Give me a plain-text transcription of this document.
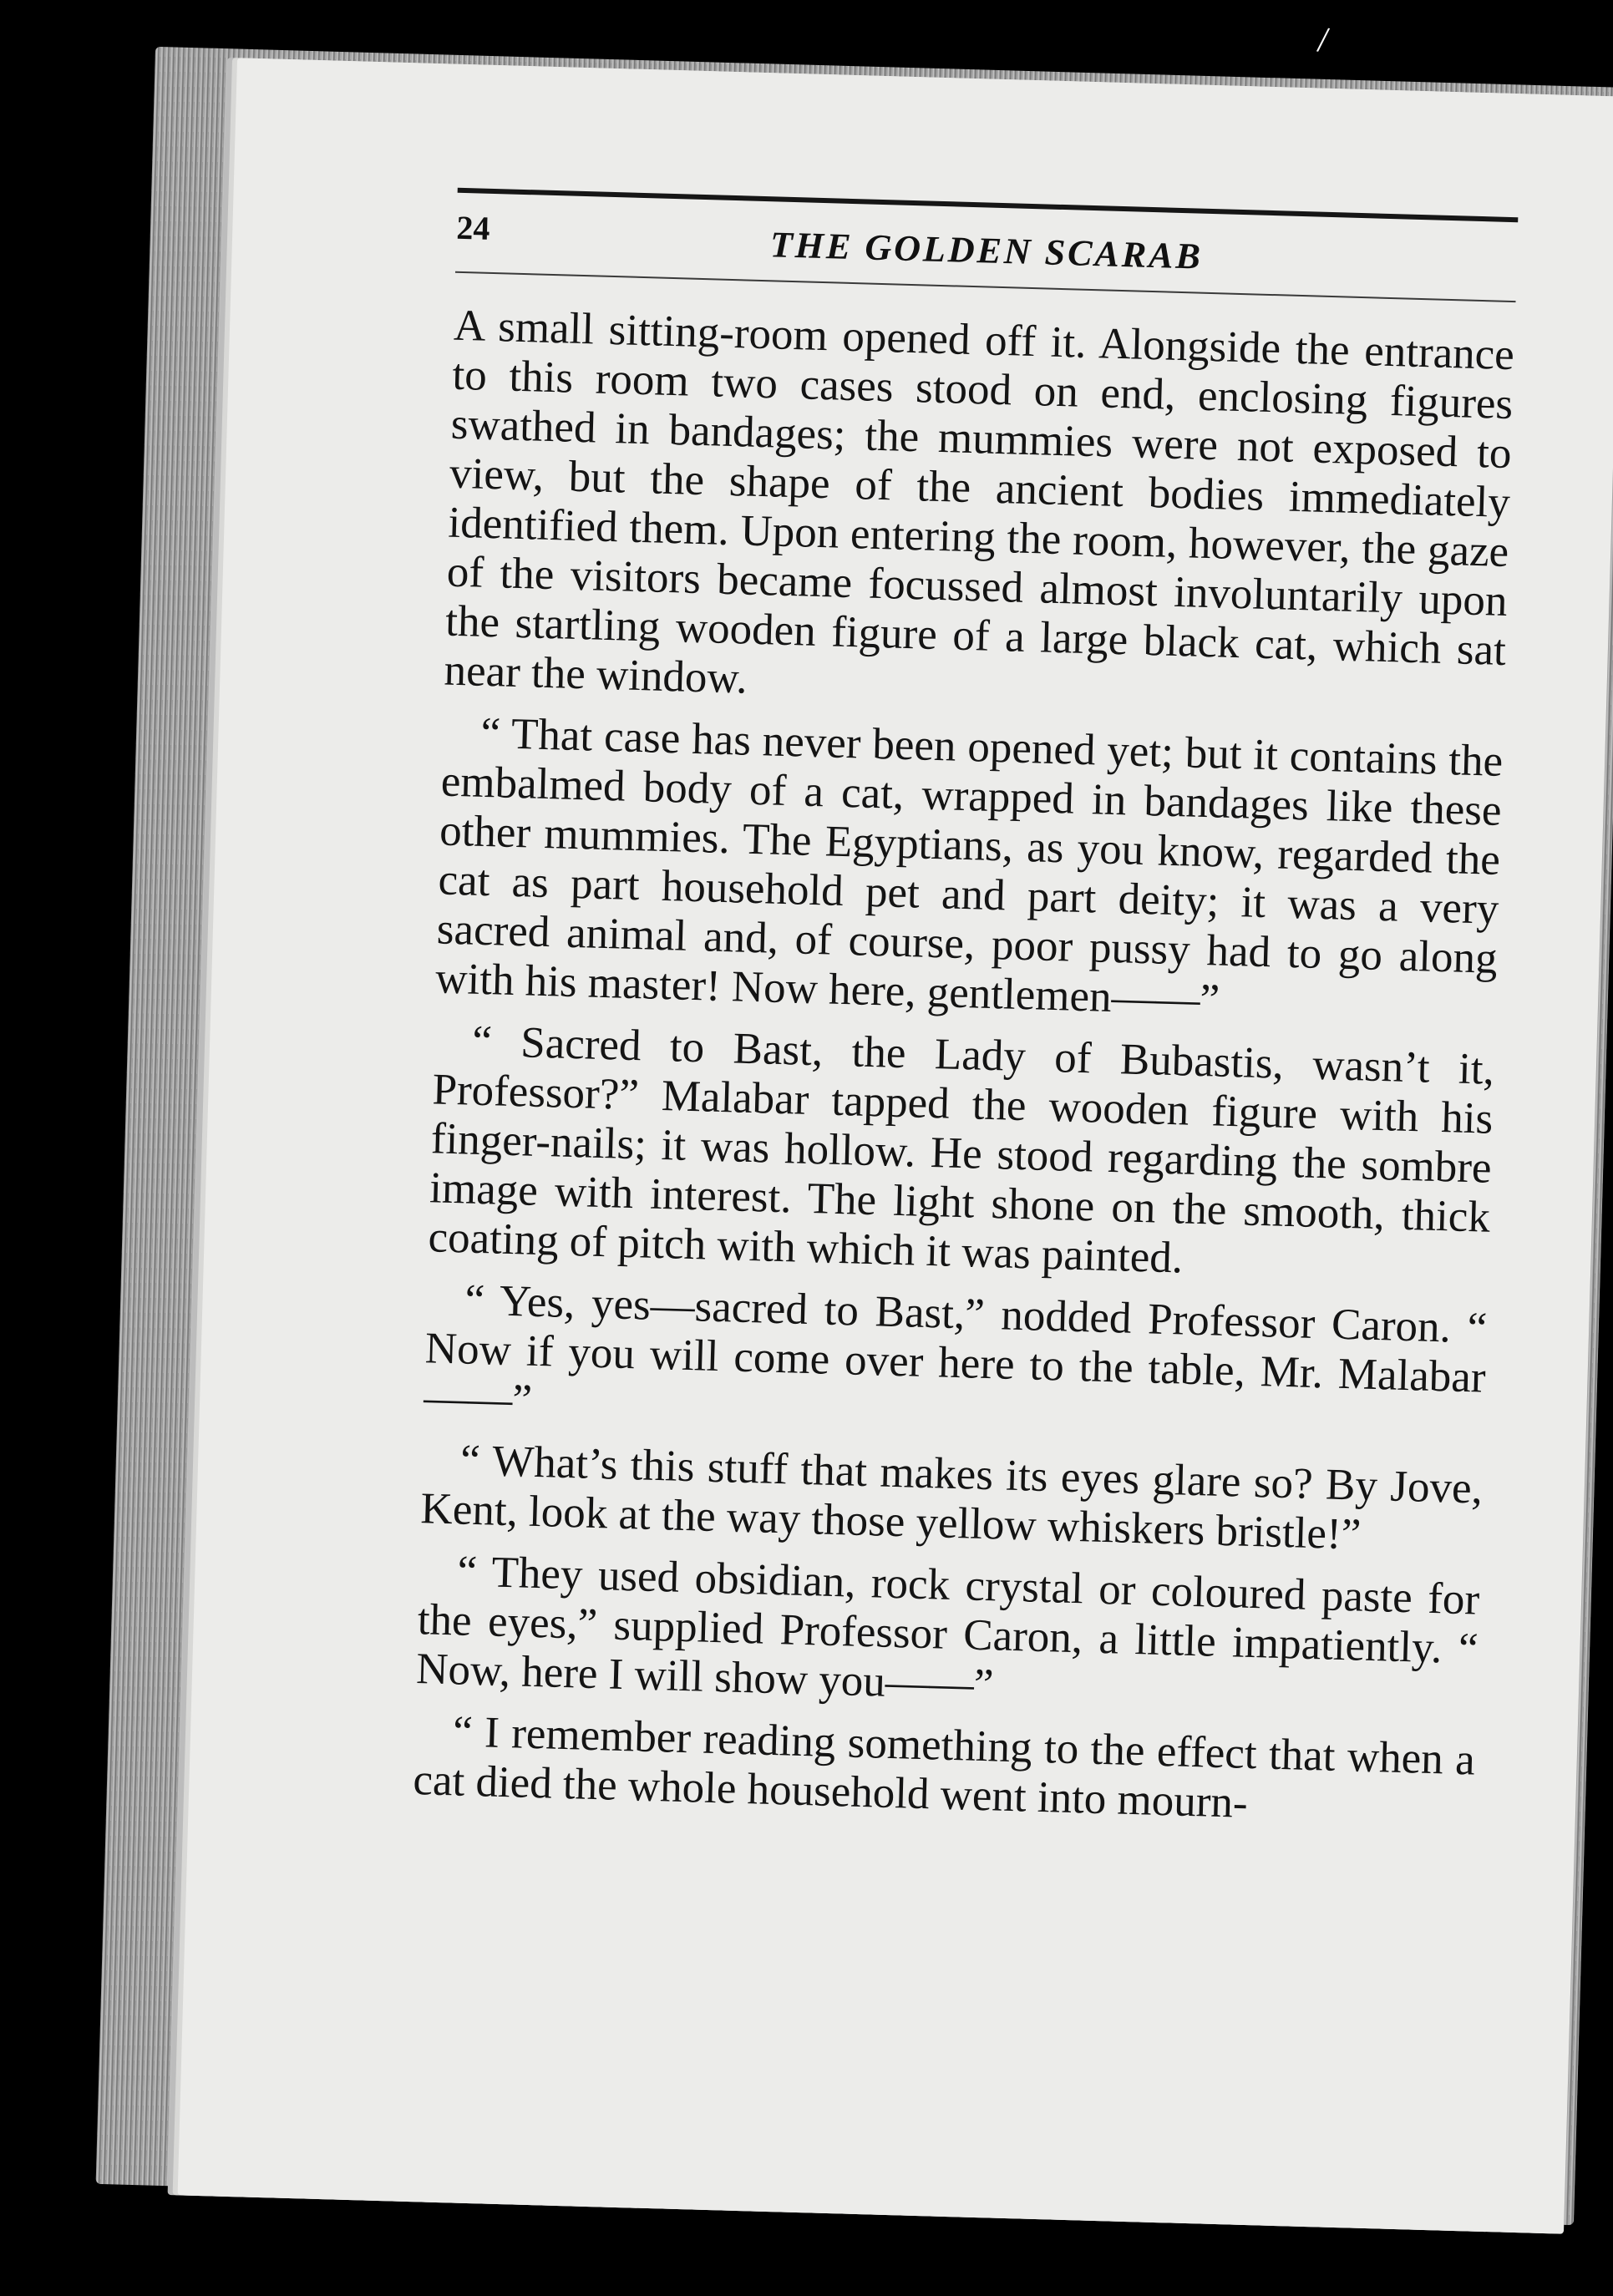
/
24	THE GOLDEN SCARAB

A small sitting-room opened off it. Alongside the entrance to this room two cases stood on end, enclosing figures swathed in bandages; the mummies were not exposed to view, but the shape of the ancient bodies immediately identified them. Upon entering the room, however, the gaze of the visitors became focussed almost involuntarily upon the startling wooden figure of a large black cat, which sat near the window.

“ That case has never been opened yet; but it contains the embalmed body of a cat, wrapped in bandages like these other mummies. The Egyptians, as you know, regarded the cat as part household pet and part deity; it was a very sacred animal and, of course, poor pussy had to go along with his master! Now here, gentlemen——”

“ Sacred to Bast, the Lady of Bubastis, wasn’t it, Professor?” Malabar tapped the wooden figure with his finger-nails; it was hollow. He stood regarding the sombre image with interest. The light shone on the smooth, thick coating of pitch with which it was painted.

“ Yes, yes—sacred to Bast,” nodded Professor Caron. “ Now if you will come over here to the table, Mr. Malabar——”

“ What’s this stuff that makes its eyes glare so? By Jove, Kent, look at the way those yellow whiskers bristle!”

“ They used obsidian, rock crystal or coloured paste for the eyes,” supplied Professor Caron, a little impatiently. “ Now, here I will show you——”

“ I remember reading something to the effect that when a cat died the whole household went into mourn-
